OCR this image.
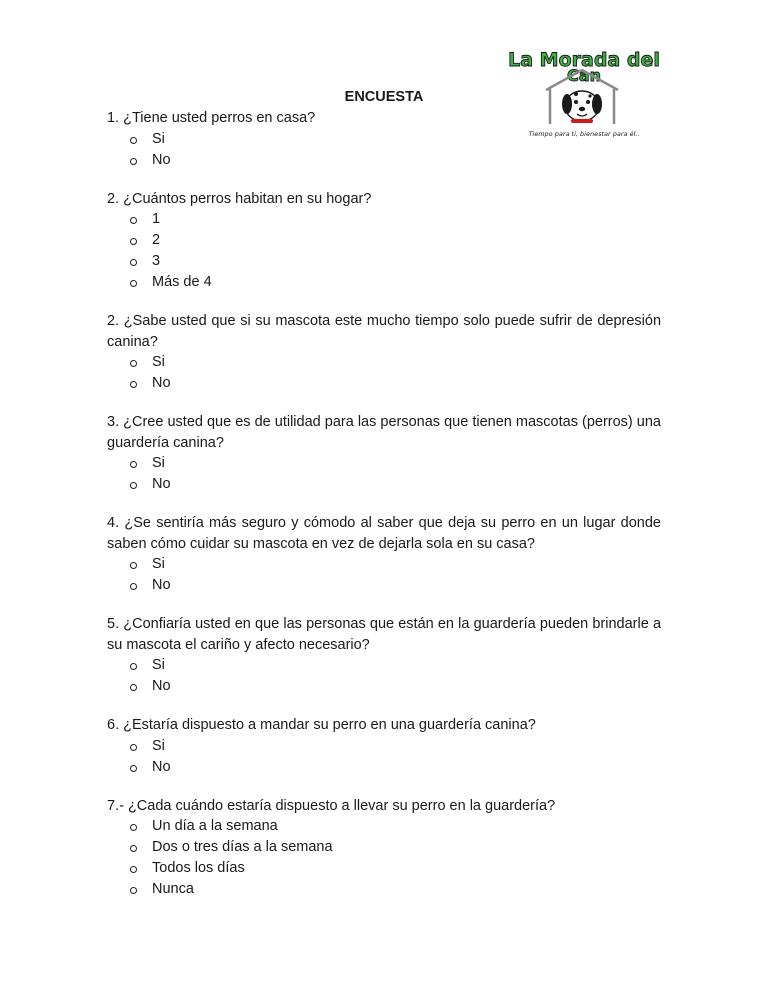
La Morada del
Can
Tiempo para ti, bienestar para él..
ENCUESTA
1. ¿Tiene usted perros en casa?
Si
No
2. ¿Cuántos perros habitan en su hogar?
1
2
3
Más de 4
2. ¿Sabe usted que si su mascota este mucho tiempo solo puede sufrir de depresión canina?
Si
No
3. ¿Cree usted que es de utilidad para las personas que tienen mascotas (perros) una guardería canina?
Si
No
4. ¿Se sentiría más seguro y cómodo al saber que deja su perro en un lugar donde saben cómo cuidar su mascota en vez de dejarla sola en su casa?
Si
No
5. ¿Confiaría usted en que las personas que están en la guardería pueden brindarle a su mascota el cariño y afecto necesario?
Si
No
6. ¿Estaría dispuesto a mandar su perro en una guardería canina?
Si
No
7.- ¿Cada cuándo estaría dispuesto a llevar su perro en la guardería?
Un día a la semana
Dos o tres días a la semana
Todos los días
Nunca
